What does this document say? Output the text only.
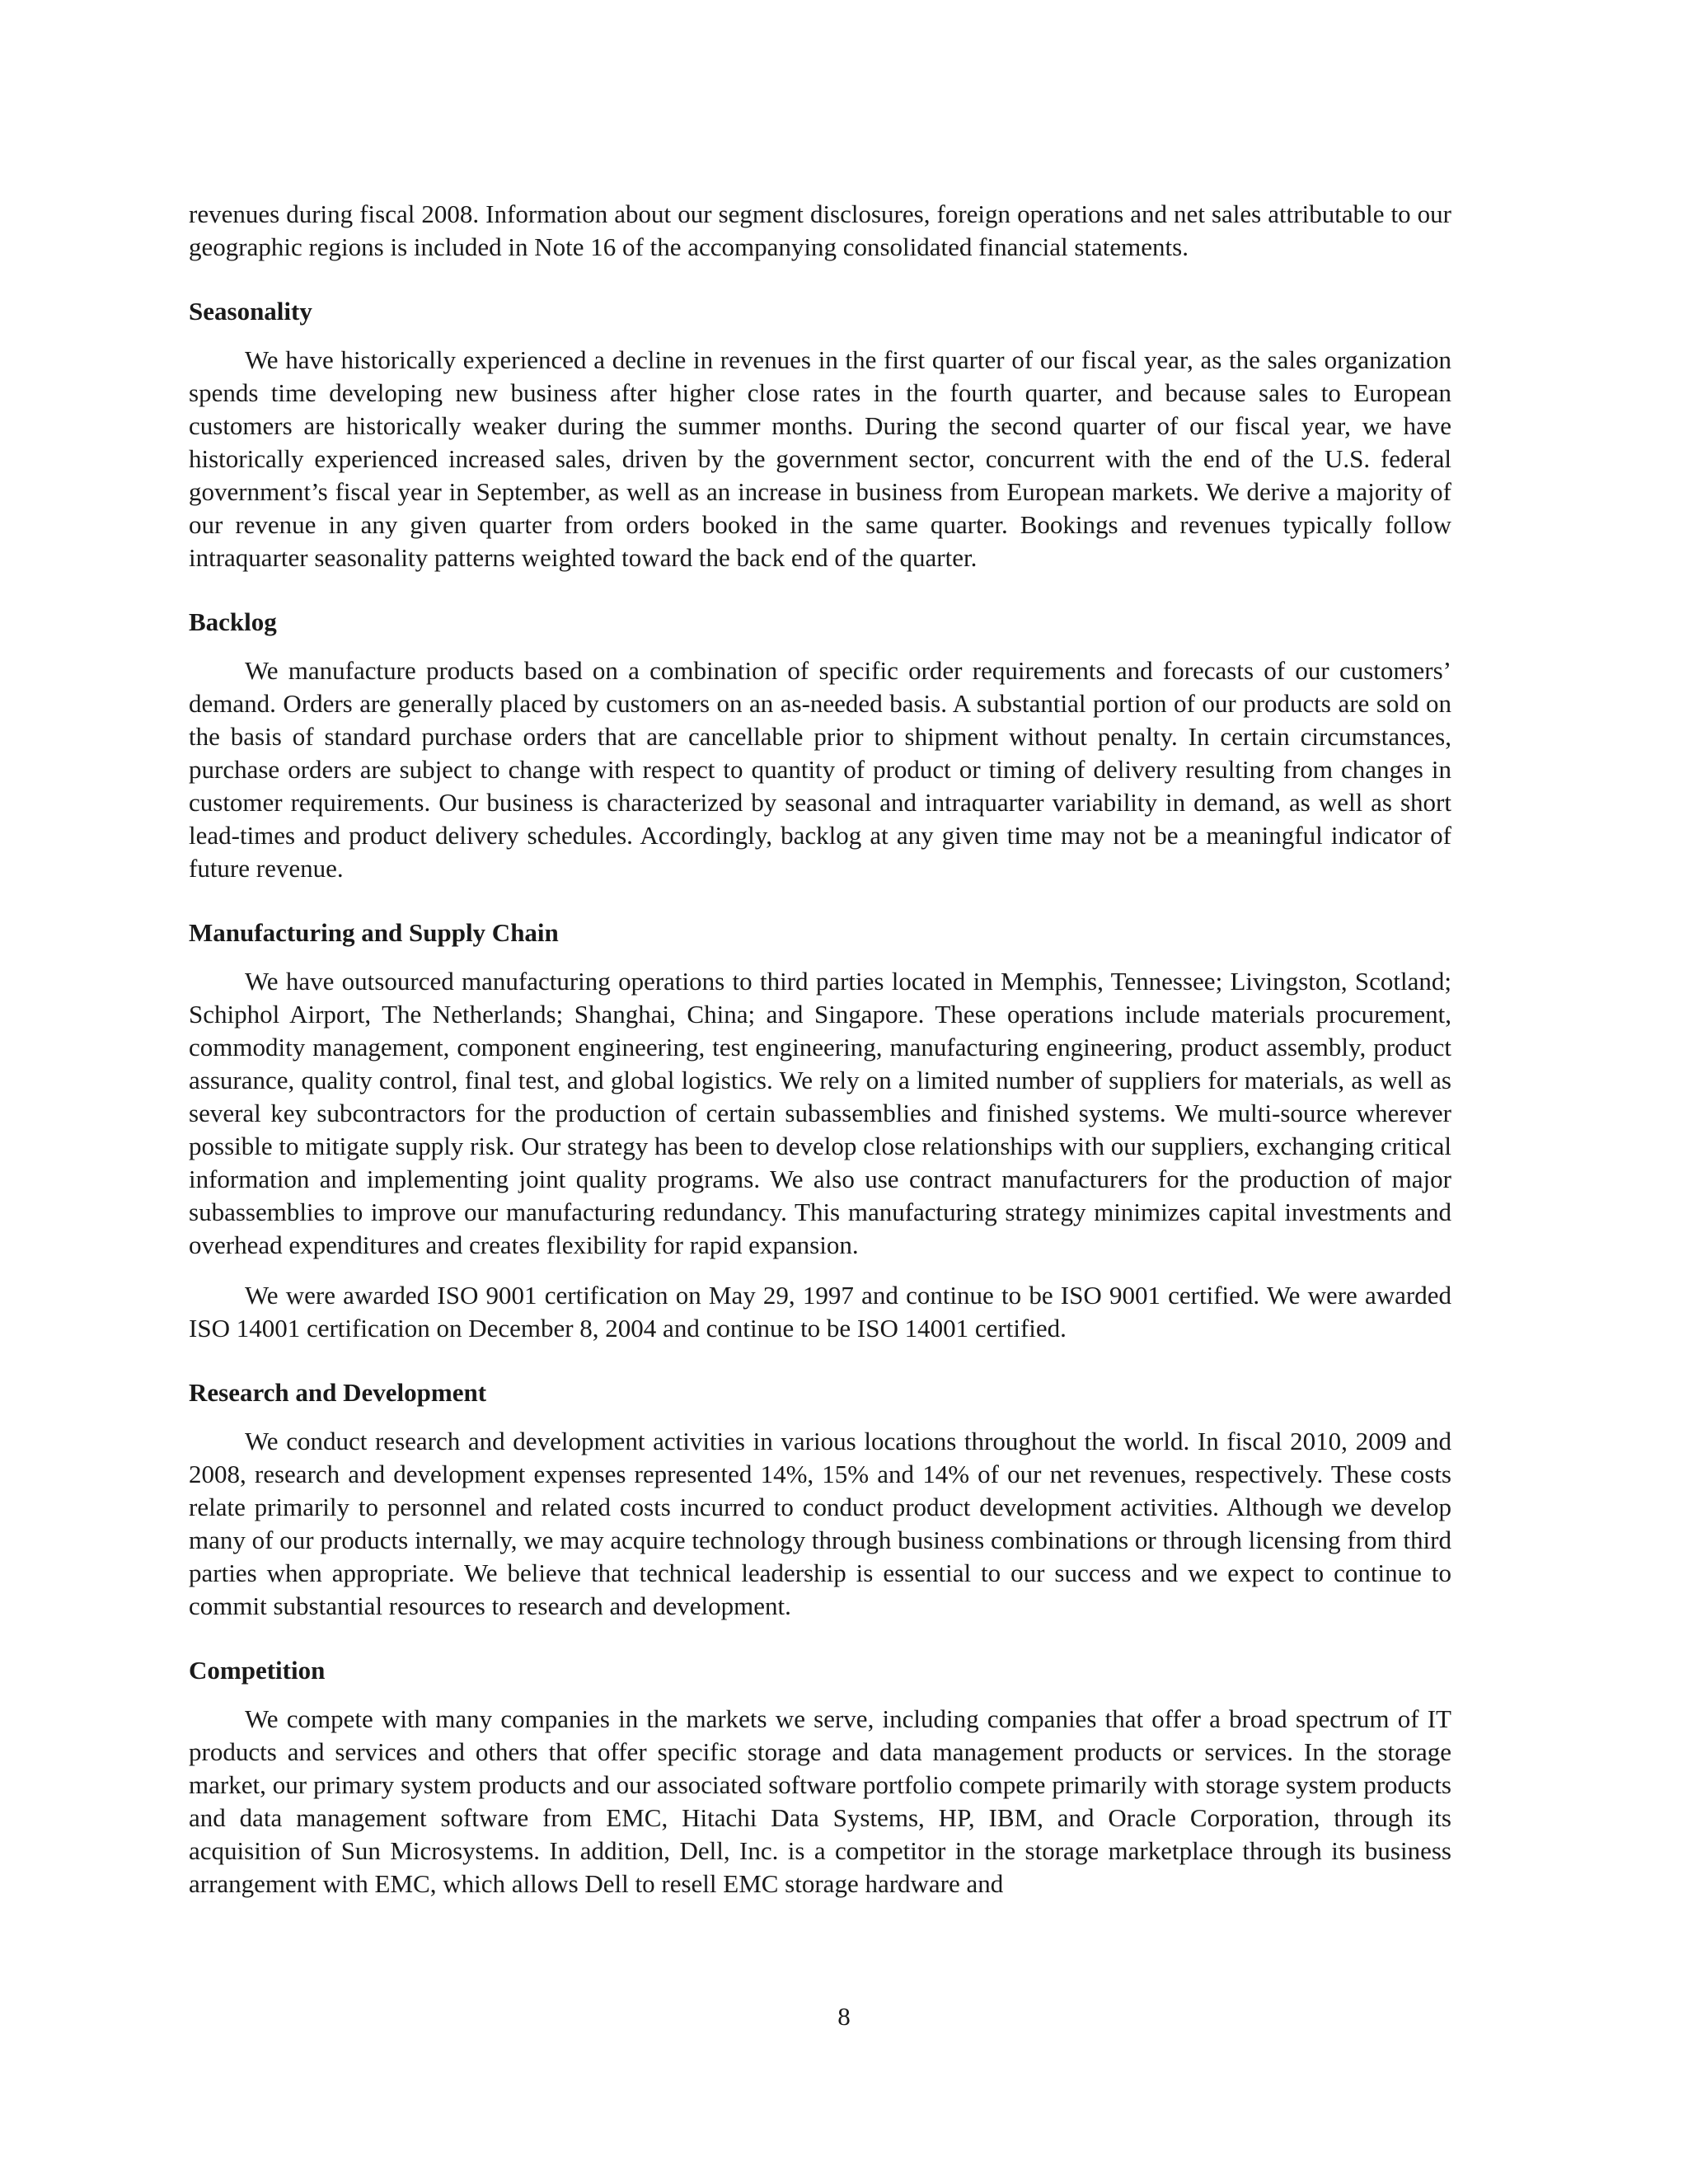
revenues during fiscal 2008. Information about our segment disclosures, foreign operations and net sales attributable to our geographic regions is included in Note 16 of the accompanying consolidated financial statements.

Seasonality

We have historically experienced a decline in revenues in the first quarter of our fiscal year, as the sales organization spends time developing new business after higher close rates in the fourth quarter, and because sales to European customers are historically weaker during the summer months. During the second quarter of our fiscal year, we have historically experienced increased sales, driven by the government sector, concurrent with the end of the U.S. federal government’s fiscal year in September, as well as an increase in business from European markets. We derive a majority of our revenue in any given quarter from orders booked in the same quarter. Bookings and revenues typically follow intraquarter seasonality patterns weighted toward the back end of the quarter.

Backlog

We manufacture products based on a combination of specific order requirements and forecasts of our customers’ demand. Orders are generally placed by customers on an as-needed basis. A substantial portion of our products are sold on the basis of standard purchase orders that are cancellable prior to shipment without penalty. In certain circumstances, purchase orders are subject to change with respect to quantity of product or timing of delivery resulting from changes in customer requirements. Our business is characterized by seasonal and intraquarter variability in demand, as well as short lead-times and product delivery schedules. Accordingly, backlog at any given time may not be a meaningful indicator of future revenue.

Manufacturing and Supply Chain

We have outsourced manufacturing operations to third parties located in Memphis, Tennessee; Livingston, Scotland; Schiphol Airport, The Netherlands; Shanghai, China; and Singapore. These operations include materials procurement, commodity management, component engineering, test engineering, manufacturing engineering, product assembly, product assurance, quality control, final test, and global logistics. We rely on a limited number of suppliers for materials, as well as several key subcontractors for the production of certain subassemblies and finished systems. We multi-source wherever possible to mitigate supply risk. Our strategy has been to develop close relationships with our suppliers, exchanging critical information and implementing joint quality programs. We also use contract manufacturers for the production of major subassemblies to improve our manufacturing redundancy. This manufacturing strategy minimizes capital investments and overhead expenditures and creates flexibility for rapid expansion.

We were awarded ISO 9001 certification on May 29, 1997 and continue to be ISO 9001 certified. We were awarded ISO 14001 certification on December 8, 2004 and continue to be ISO 14001 certified.

Research and Development

We conduct research and development activities in various locations throughout the world. In fiscal 2010, 2009 and 2008, research and development expenses represented 14%, 15% and 14% of our net revenues, respectively. These costs relate primarily to personnel and related costs incurred to conduct product development activities. Although we develop many of our products internally, we may acquire technology through business combinations or through licensing from third parties when appropriate. We believe that technical leadership is essential to our success and we expect to continue to commit substantial resources to research and development.

Competition

We compete with many companies in the markets we serve, including companies that offer a broad spectrum of IT products and services and others that offer specific storage and data management products or services. In the storage market, our primary system products and our associated software portfolio compete primarily with storage system products and data management software from EMC, Hitachi Data Systems, HP, IBM, and Oracle Corporation, through its acquisition of Sun Microsystems. In addition, Dell, Inc. is a competitor in the storage marketplace through its business arrangement with EMC, which allows Dell to resell EMC storage hardware and

8
